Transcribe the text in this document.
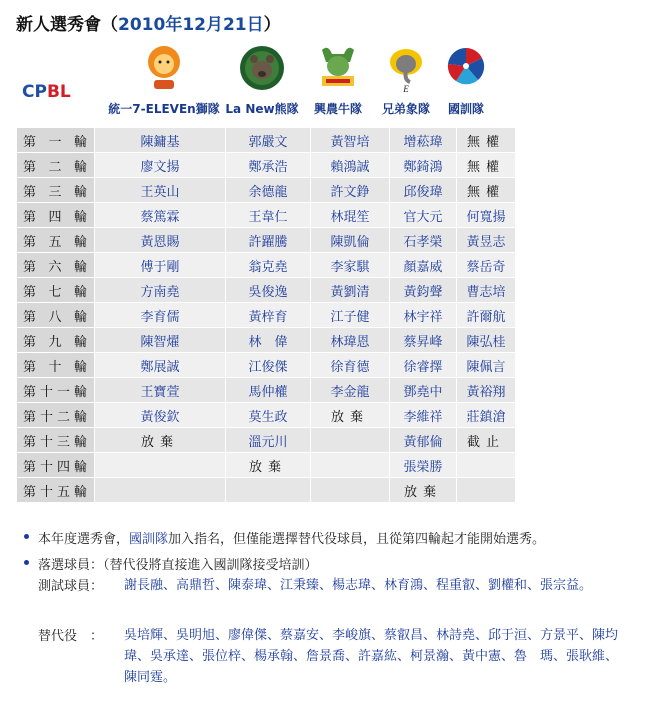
新人選秀會（2010年12月21日）
CPBL
統一7-ELEVEn獅隊 La New熊隊 興農牛隊
E
兄弟象隊 國訓隊
第一輪	陳鏞基	郭嚴文	黃智培	增菘瑋	無權
第二輪	廖文揚	鄭承浩	賴鴻誠	鄭錡鴻	無權
第三輪	王英山	余德龍	許文錚	邱俊瑋	無權
第四輪	蔡篤霖	王韋仁	林琨笙	官大元	何寬揚
第五輪	黃恩賜	許躍騰	陳凱倫	石孝榮	黃昱志
第六輪	傅于剛	翁克堯	李家騏	顏嘉威	蔡岳奇
第七輪	方南堯	吳俊逸	黃劉清	黃鈞聲	曹志培
第八輪	李育儒	黃梓育	江子健	林宇祥	許爾航
第九輪	陳智燿	林　偉	林瑋恩	蔡昇峰	陳弘桂
第十輪	鄭展誠	江俊傑	徐育德	徐睿擇	陳佩言
第十一輪	王寶萱	馬仲權	李金龍	鄧堯中	黃裕翔
第十二輪	黃俊欽	莫生政	放棄	李維祥	莊鎮滄
第十三輪	放棄	溫元川		黃郁倫	截止
第十四輪		放棄		張榮勝	
第十五輪				放棄	
本年度選秀會，國訓隊加入指名，但僅能選擇替代役球員，且從第四輪起才能開始選秀。
落選球員：（替代役將直接進入國訓隊接受培訓）
測試球員： 謝長融、高鼎哲、陳泰瑋、江秉臻、楊志瑋、林育鴻、程重叡、劉權和、張宗益。
替代役　： 吳培輝、吳明旭、廖偉傑、蔡嘉安、李峻旗、蔡叡昌、林詩堯、邱于洹、方景平、陳均瑋、吳承達、張位梓、楊承翰、詹景喬、許嘉紘、柯景瀚、黃中憲、魯　瑪、張耿維、陳同霆。
